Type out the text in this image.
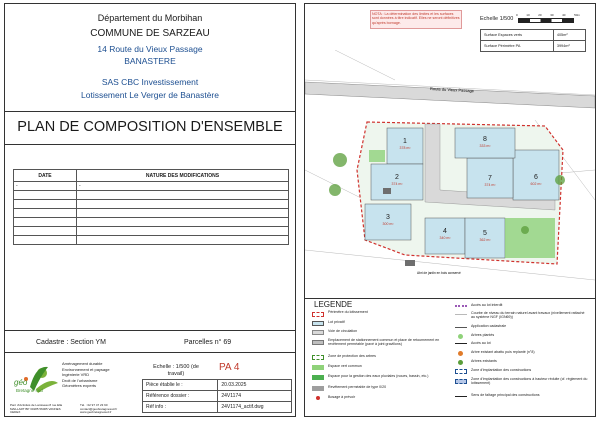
Département du Morbihan
COMMUNE DE SARZEAU
14 Route du Vieux Passage
BANASTERE
SAS CBC Investissement
Lotissement Le Verger de Banastère
PLAN DE COMPOSITION D'ENSEMBLE
DATE	NATURE DES MODIFICATIONS
-	-

Cadastre : Section YM	Parcelles n° 69
géo
Bretagne sud
Aménagement durable
Environnement et paysage
Ingénierie VRD
Droit de l'urbanisme
Géomètres experts
Parc d'Activités de Laroiseau 8 rue Ella MAILLART BP 30185 56005 VANNES CEDEX
Tél. : 02 97 47 23 90
contact@geobretagnesud.fr
www.geobretagnesud.fr
Echelle : 1/500 (de travail)
PA 4
Pièce établie le :	20.03.2025
Référence dossier :	24V1174
Réf info :	24V1174_actif.dwg
NOTA : La détermination des limites et les surfaces sont données à titre indicatif. Elles ne seront définitives qu'après bornage.
Echelle 1/500
0	10	20	30	40	50m
Surface Espaces verts	405m²
Surface Périmètre PA	3994m²
Route du Vieux Passage
1
2
3
4	5
6
7
8
378 m²
374 m²
300 m²
340 m²	362 m²
602 m²
374 m²
333 m²
Abri de jardin en bois conservé
LEGENDE
Périmètre du lotissement
Lot privatif
Voie de circulation
Emplacement de stationnement commun et place de retournement en revêtement perméable (pavé à joint gravillons)
Zone de protection des arbres
Espace vert commun
Espace pour la gestion des eaux pluviales (noues, bassin, etc.)
Revêtement perméable de type 0/20
Bosage à prévoir
Accès au lot interdit
Courbe de niveau du terrain naturel avant travaux (nivellement rattaché au système NGF (IGN69))
Application cadastrale
Arbres plantés
Accès au lot
Arbre existant abattu puis replanté (n°8)
Arbres existants
Zone d'implantation des constructions
Zone d'implantation des constructions à hauteur réduite (cf. règlement du lotissement)
Sens de faîtage principal des constructions
